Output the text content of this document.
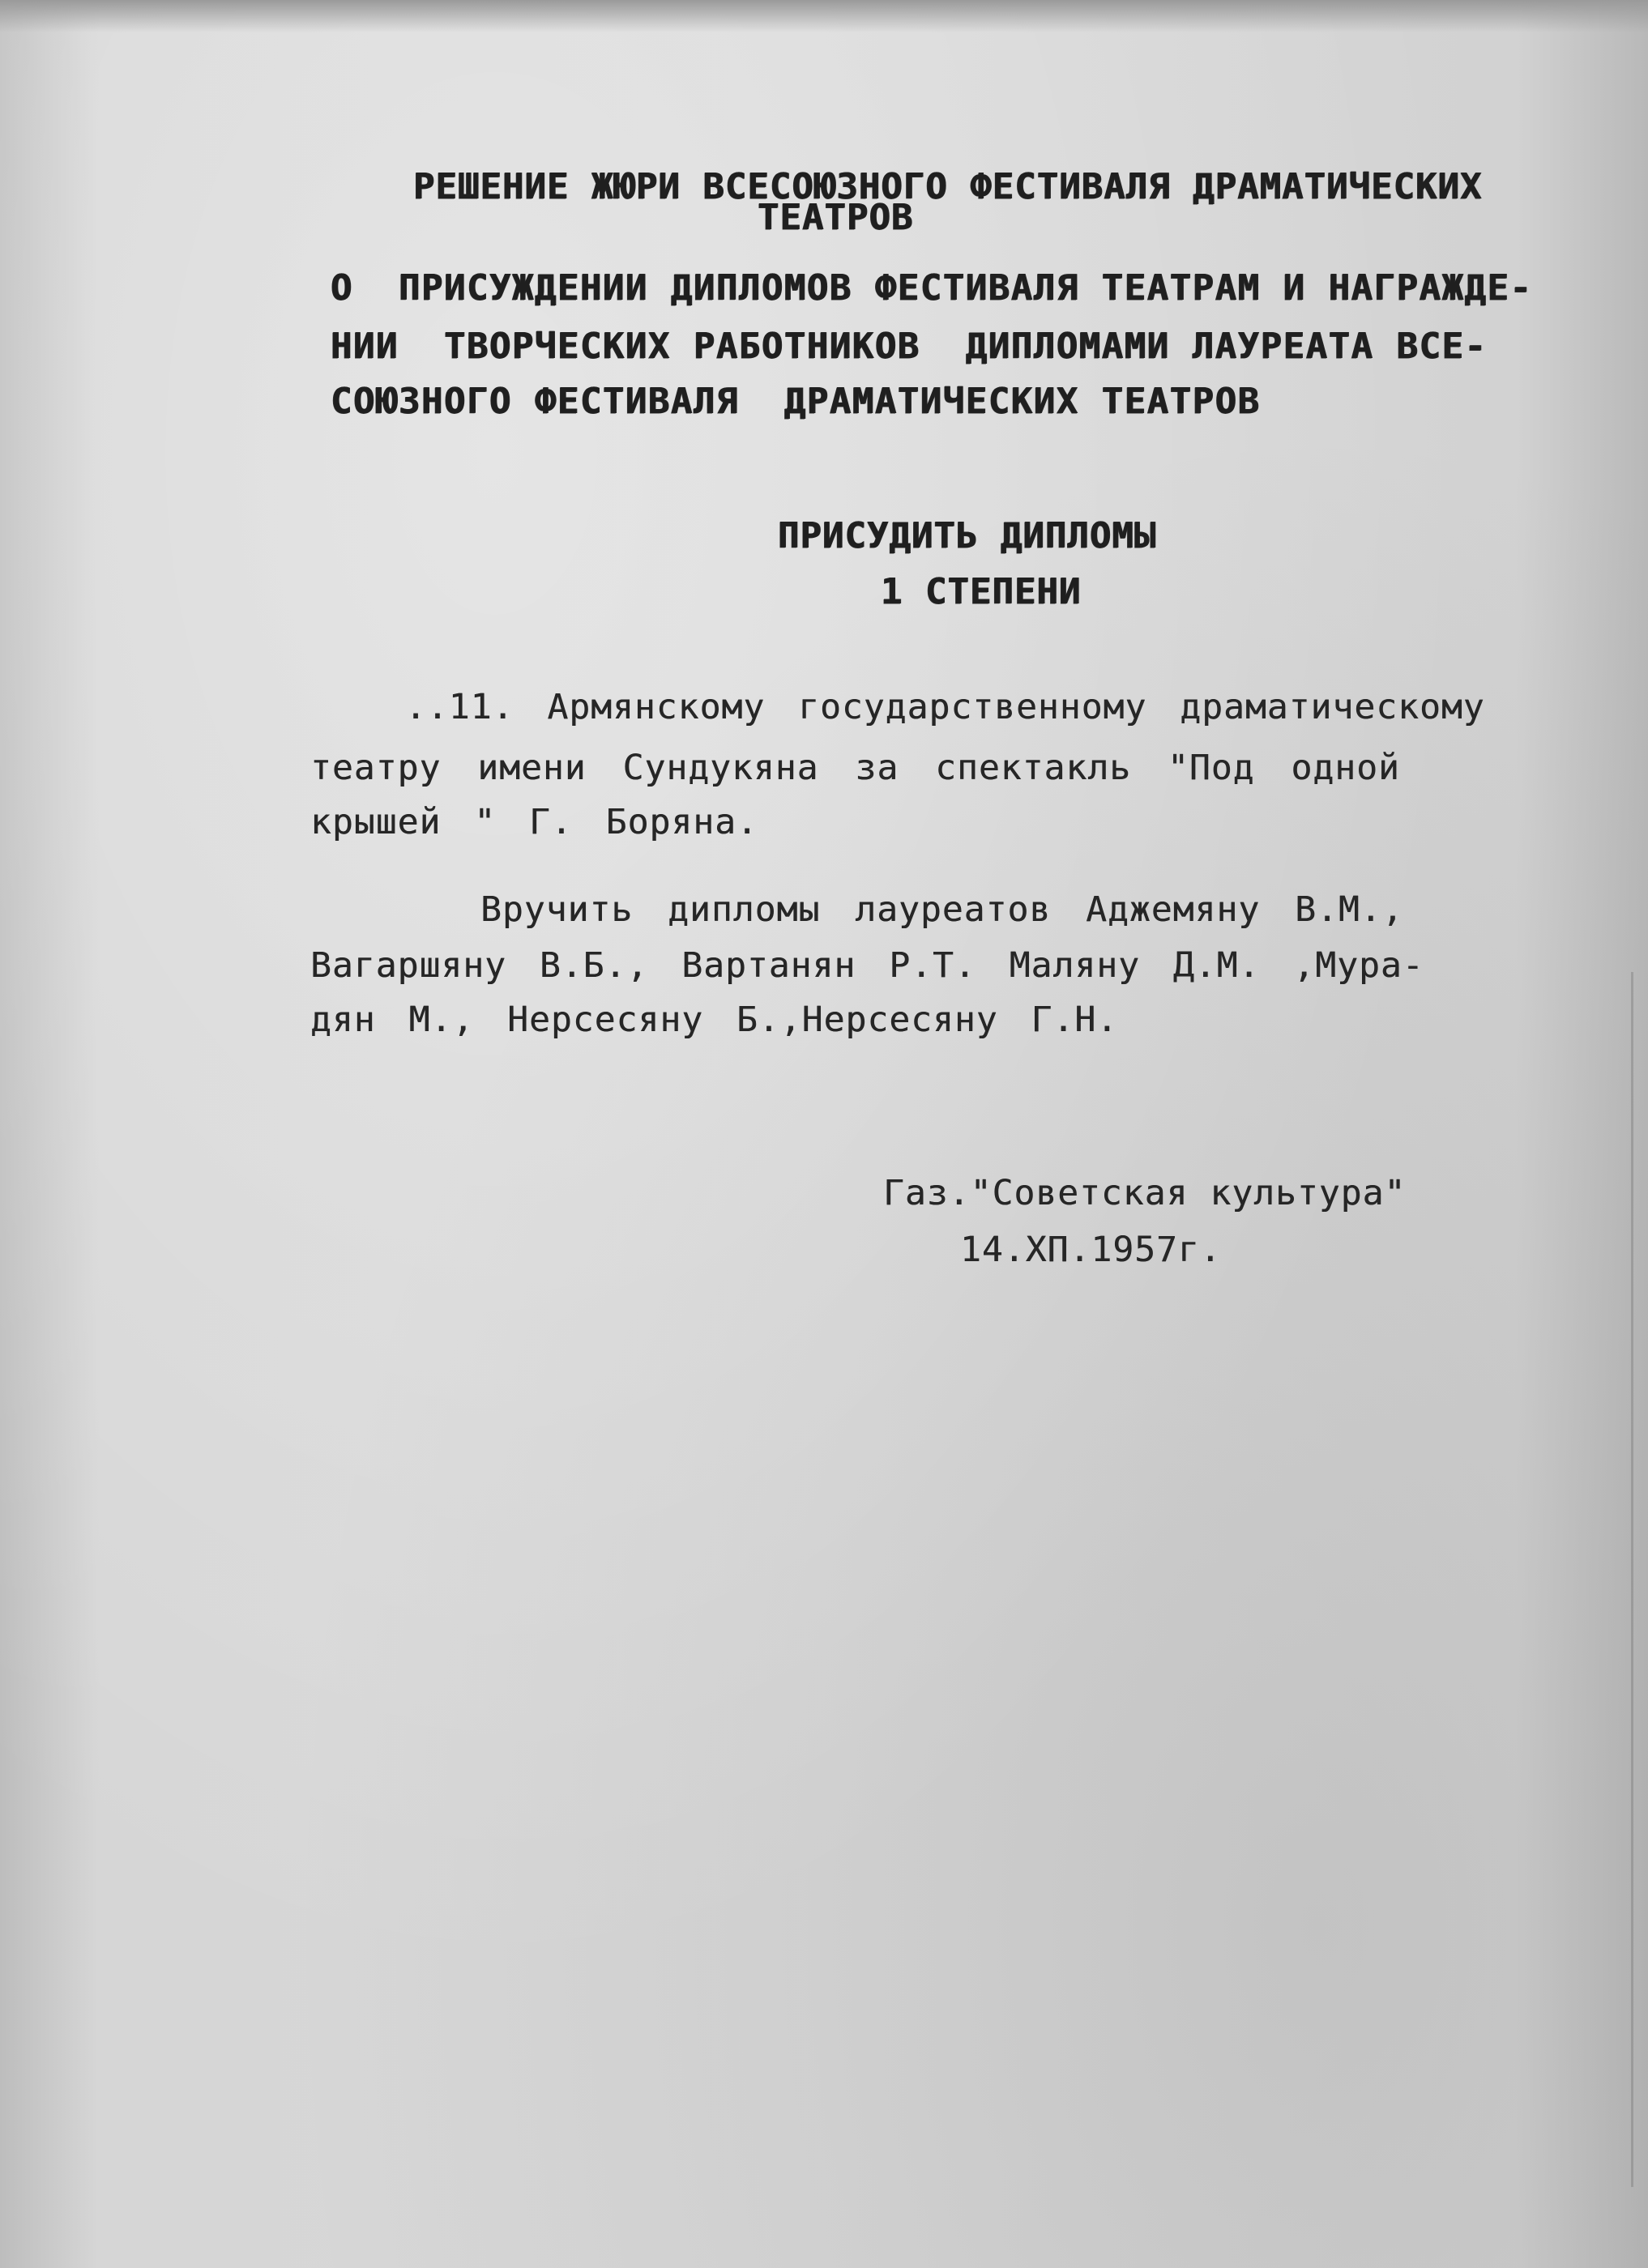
РЕШЕНИЕ ЖЮРИ ВСЕСОЮЗНОГО ФЕСТИВАЛЯ ДРАМАТИЧЕСКИХ
ТЕАТРОВ
О  ПРИСУЖДЕНИИ ДИПЛОМОВ ФЕСТИВАЛЯ ТЕАТРАМ И НАГРАЖДЕ-
НИИ  ТВОРЧЕСКИХ РАБОТНИКОВ  ДИПЛОМАМИ ЛАУРЕАТА ВСЕ-
СОЮЗНОГО ФЕСТИВАЛЯ  ДРАМАТИЧЕСКИХ ТЕАТРОВ
ПРИСУДИТЬ ДИПЛОМЫ
1 СТЕПЕНИ
..11. Армянскому государственному драматическому
театру имени Сундукяна за спектакль "Под одной
крышей " Г. Боряна.
Вручить дипломы лауреатов Аджемяну В.М.,
Вагаршяну В.Б., Вартанян Р.Т. Маляну Д.М. ,Мура-
дян М., Нерсесяну Б.,Нерсесяну Г.Н.
Газ."Советская культура"
14.XП.1957г.
